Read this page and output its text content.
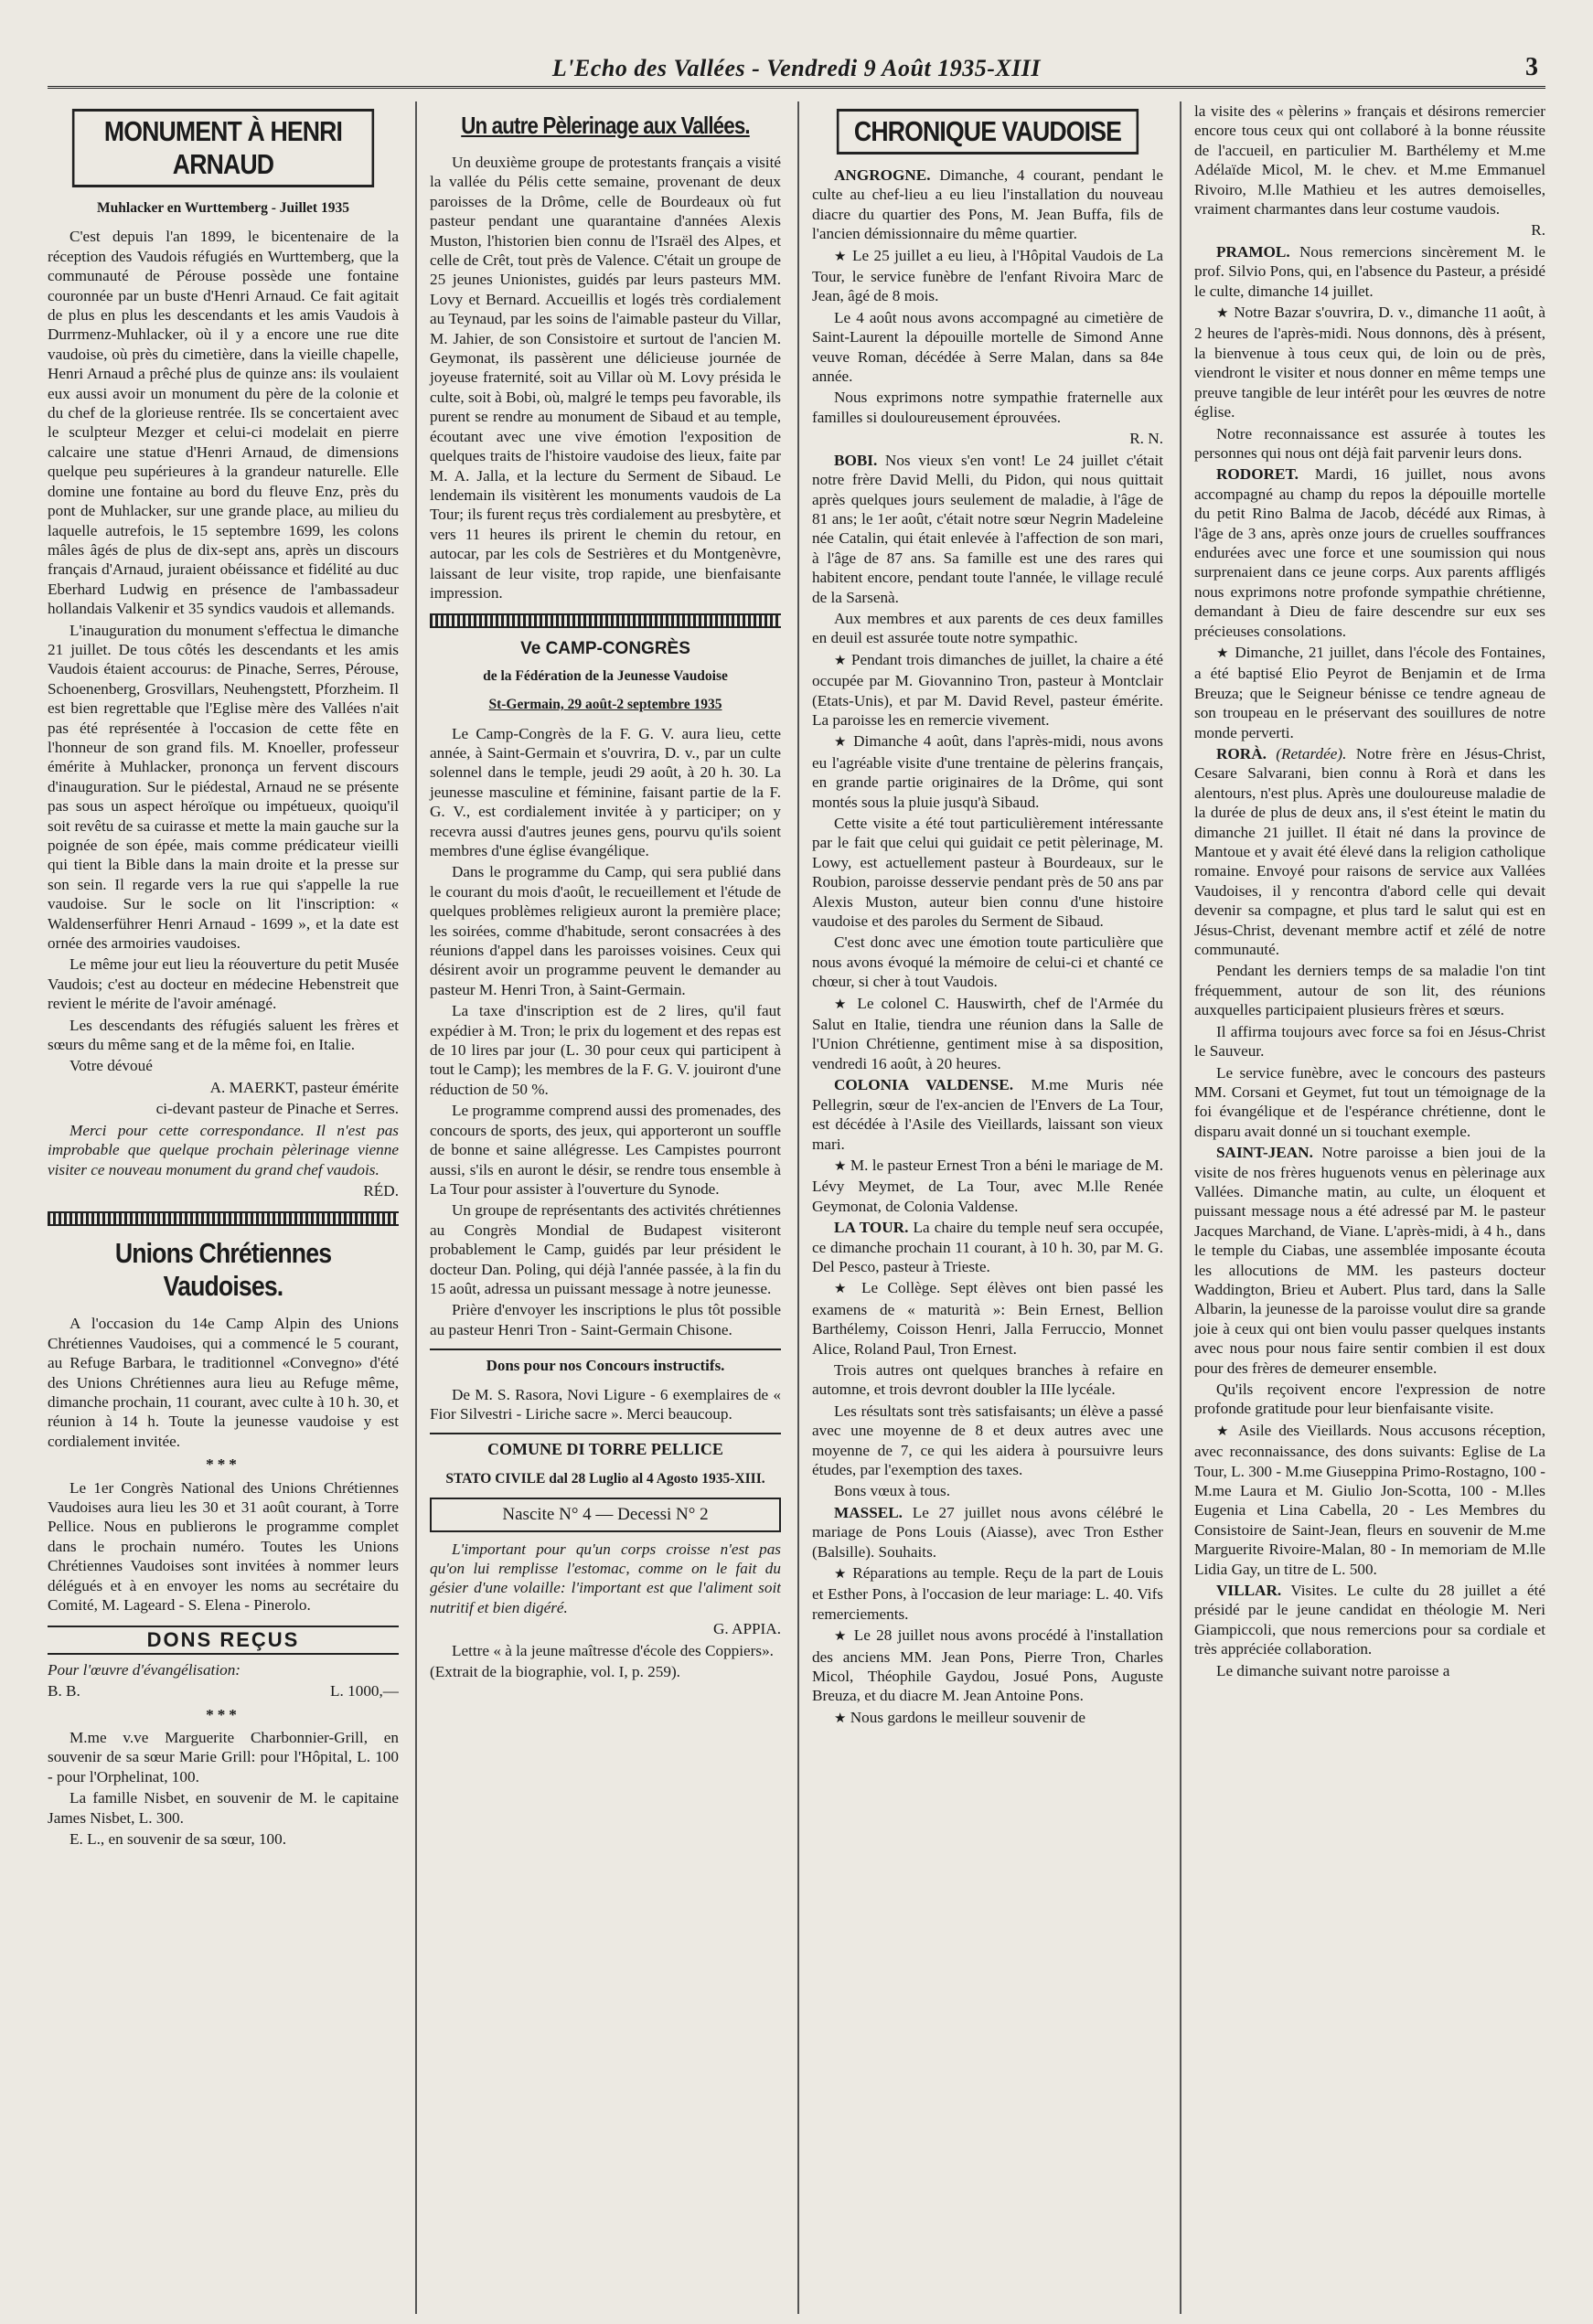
L'Echo des Vallées - Vendredi 9 Août 1935-XIII	3
MONUMENT À HENRI ARNAUD
Muhlacker en Wurttemberg - Juillet 1935

C'est depuis l'an 1899, le bicentenaire de la réception des Vaudois réfugiés en Wurttemberg, que la communauté de Pérouse possède une fontaine couronnée par un buste d'Henri Arnaud. Ce fait agitait de plus en plus les descendants et les amis Vaudois à Durrmenz-Muhlacker, où il y a encore une rue dite vaudoise, où près du cimetière, dans la vieille chapelle, Henri Arnaud a prêché plus de quinze ans: ils voulaient eux aussi avoir un monument du père de la colonie et du chef de la glorieuse rentrée. Ils se concertaient avec le sculpteur Mezger et celui-ci modelait en pierre calcaire une statue d'Henri Arnaud, de dimensions quelque peu supérieures à la grandeur naturelle. Elle domine une fontaine au bord du fleuve Enz, près du pont de Muhlacker, sur une grande place, au milieu du laquelle autrefois, le 15 septembre 1699, les colons mâles âgés de plus de dix-sept ans, après un discours français d'Arnaud, juraient obéissance et fidélité au duc Eberhard Ludwig en présence de l'ambassadeur hollandais Valkenir et 35 syndics vaudois et allemands.

L'inauguration du monument s'effectua le dimanche 21 juillet. De tous côtés les descendants et les amis Vaudois étaient accourus: de Pinache, Serres, Pérouse, Schoenenberg, Grosvillars, Neuhengstett, Pforzheim. Il est bien regrettable que l'Eglise mère des Vallées n'ait pas été représentée à l'occasion de cette fête en l'honneur de son grand fils. M. Knoeller, professeur émérite à Muhlacker, prononça un fervent discours d'inauguration. Sur le piédestal, Arnaud ne se présente pas sous un aspect héroïque ou impétueux, quoiqu'il soit revêtu de sa cuirasse et mette la main gauche sur la poignée de son épée, mais comme prédicateur vieilli qui tient la Bible dans la main droite et la presse sur son sein. Il regarde vers la rue qui s'appelle la rue vaudoise. Sur le socle on lit l'inscription: « Waldenserführer Henri Arnaud - 1699 », et la date est ornée des armoiries vaudoises.

Le même jour eut lieu la réouverture du petit Musée Vaudois; c'est au docteur en médecine Hebenstreit que revient le mérite de l'avoir aménagé.

Les descendants des réfugiés saluent les frères et sœurs du même sang et de la même foi, en Italie.

Votre dévoué

A. MAERKT, pasteur émérite

ci-devant pasteur de Pinache et Serres.

Merci pour cette correspondance. Il n'est pas improbable que quelque prochain pèlerinage vienne visiter ce nouveau monument du grand chef vaudois.

RÉD.

Unions Chrétiennes Vaudoises.

A l'occasion du 14e Camp Alpin des Unions Chrétiennes Vaudoises, qui a commencé le 5 courant, au Refuge Barbara, le traditionnel «Convegno» d'été des Unions Chrétiennes aura lieu au Refuge même, dimanche prochain, 11 courant, avec culte à 10 h. 30, et réunion à 14 h. Toute la jeunesse vaudoise y est cordialement invitée.

***

Le 1er Congrès National des Unions Chrétiennes Vaudoises aura lieu les 30 et 31 août courant, à Torre Pellice. Nous en publierons le programme complet dans le prochain numéro. Toutes les Unions Chrétiennes Vaudoises sont invitées à nommer leurs délégués et à en envoyer les noms au secrétaire du Comité, M. Lageard - S. Elena - Pinerolo.

DONS REÇUS

Pour l'œuvre d'évangélisation:

B. B.	L. 1000,—

***

M.me v.ve Marguerite Charbonnier-Grill, en souvenir de sa sœur Marie Grill: pour l'Hôpital, L. 100 - pour l'Orphelinat, 100.

La famille Nisbet, en souvenir de M. le capitaine James Nisbet, L. 300.

E. L., en souvenir de sa sœur, 100.

Un autre Pèlerinage aux Vallées.

Un deuxième groupe de protestants français a visité la vallée du Pélis cette semaine, provenant de deux paroisses de la Drôme, celle de Bourdeaux où fut pasteur pendant une quarantaine d'années Alexis Muston, l'historien bien connu de l'Israël des Alpes, et celle de Crêt, tout près de Valence. C'était un groupe de 25 jeunes Unionistes, guidés par leurs pasteurs MM. Lovy et Bernard. Accueillis et logés très cordialement au Teynaud, par les soins de l'aimable pasteur du Villar, M. Jahier, de son Consistoire et surtout de l'ancien M. Geymonat, ils passèrent une délicieuse journée de joyeuse fraternité, soit au Villar où M. Lovy présida le culte, soit à Bobi, où, malgré le temps peu favorable, ils purent se rendre au monument de Sibaud et au temple, écoutant avec une vive émotion l'exposition de quelques traits de l'histoire vaudoise des lieux, faite par M. A. Jalla, et la lecture du Serment de Sibaud. Le lendemain ils visitèrent les monuments vaudois de La Tour; ils furent reçus très cordialement au presbytère, et vers 11 heures ils prirent le chemin du retour, en autocar, par les cols de Sestrières et du Montgenèvre, laissant de leur visite, trop rapide, une bienfaisante impression.

Ve CAMP-CONGRÈS
de la Fédération de la Jeunesse Vaudoise
St-Germain, 29 août-2 septembre 1935

Le Camp-Congrès de la F. G. V. aura lieu, cette année, à Saint-Germain et s'ouvrira, D. v., par un culte solennel dans le temple, jeudi 29 août, à 20 h. 30. La jeunesse masculine et féminine, faisant partie de la F. G. V., est cordialement invitée à y participer; on y recevra aussi d'autres jeunes gens, pourvu qu'ils soient membres d'une église évangélique.

Dans le programme du Camp, qui sera publié dans le courant du mois d'août, le recueillement et l'étude de quelques problèmes religieux auront la première place; les soirées, comme d'habitude, seront consacrées à des réunions d'appel dans les paroisses voisines. Ceux qui désirent avoir un programme peuvent le demander au pasteur M. Henri Tron, à Saint-Germain.

La taxe d'inscription est de 2 lires, qu'il faut expédier à M. Tron; le prix du logement et des repas est de 10 lires par jour (L. 30 pour ceux qui participent à tout le Camp); les membres de la F. G. V. jouiront d'une réduction de 50 %.

Le programme comprend aussi des promenades, des concours de sports, des jeux, qui apporteront un souffle de bonne et saine allégresse. Les Campistes pourront aussi, s'ils en auront le désir, se rendre tous ensemble à La Tour pour assister à l'ouverture du Synode.

Un groupe de représentants des activités chrétiennes au Congrès Mondial de Budapest visiteront probablement le Camp, guidés par leur président le docteur Dan. Poling, qui déjà l'année passée, à la fin du 15 août, adressa un puissant message à notre jeunesse.

Prière d'envoyer les inscriptions le plus tôt possible au pasteur Henri Tron - Saint-Germain Chisone.

Dons pour nos Concours instructifs.

De M. S. Rasora, Novi Ligure - 6 exemplaires de « Fior Silvestri - Liriche sacre ». Merci beaucoup.

COMUNE DI TORRE PELLICE
STATO CIVILE dal 28 Luglio al 4 Agosto 1935-XIII.
Nascite N° 4 — Decessi N° 2

L'important pour qu'un corps croisse n'est pas qu'on lui remplisse l'estomac, comme on le fait du gésier d'une volaille: l'important est que l'aliment soit nutritif et bien digéré.

G. APPIA.

Lettre « à la jeune maîtresse d'école des Coppiers».

(Extrait de la biographie, vol. I, p. 259).

CHRONIQUE VAUDOISE

ANGROGNE. Dimanche, 4 courant, pendant le culte au chef-lieu a eu lieu l'installation du nouveau diacre du quartier des Pons, M. Jean Buffa, fils de l'ancien démissionnaire du même quartier.

★ Le 25 juillet a eu lieu, à l'Hôpital Vaudois de La Tour, le service funèbre de l'enfant Rivoira Marc de Jean, âgé de 8 mois.

Le 4 août nous avons accompagné au cimetière de Saint-Laurent la dépouille mortelle de Simond Anne veuve Roman, décédée à Serre Malan, dans sa 84e année.

Nous exprimons notre sympathie fraternelle aux familles si douloureusement éprouvées.

R. N.

BOBI. Nos vieux s'en vont! Le 24 juillet c'était notre frère David Melli, du Pidon, qui nous quittait après quelques jours seulement de maladie, à l'âge de 81 ans; le 1er août, c'était notre sœur Negrin Madeleine née Catalin, qui était enlevée à l'affection de son mari, à l'âge de 87 ans. Sa famille est une des rares qui habitent encore, pendant toute l'année, le village reculé de la Sarsenà.

Aux membres et aux parents de ces deux familles en deuil est assurée toute notre sympathic.

★ Pendant trois dimanches de juillet, la chaire a été occupée par M. Giovannino Tron, pasteur à Montclair (Etats-Unis), et par M. David Revel, pasteur émérite. La paroisse les en remercie vivement.

★ Dimanche 4 août, dans l'après-midi, nous avons eu l'agréable visite d'une trentaine de pèlerins français, en grande partie originaires de la Drôme, qui sont montés sous la pluie jusqu'à Sibaud.

Cette visite a été tout particulièrement intéressante par le fait que celui qui guidait ce petit pèlerinage, M. Lowy, est actuellement pasteur à Bourdeaux, sur le Roubion, paroisse desservie pendant près de 50 ans par Alexis Muston, auteur bien connu d'une histoire vaudoise et des paroles du Serment de Sibaud.

C'est donc avec une émotion toute particulière que nous avons évoqué la mémoire de celui-ci et chanté ce chœur, si cher à tout Vaudois.

★ Le colonel C. Hauswirth, chef de l'Armée du Salut en Italie, tiendra une réunion dans la Salle de l'Union Chrétienne, gentiment mise à sa disposition, vendredi 16 août, à 20 heures.

COLONIA VALDENSE. M.me Muris née Pellegrin, sœur de l'ex-ancien de l'Envers de La Tour, est décédée à l'Asile des Vieillards, laissant son vieux mari.

★ M. le pasteur Ernest Tron a béni le mariage de M. Lévy Meymet, de La Tour, avec M.lle Renée Geymonat, de Colonia Valdense.

LA TOUR. La chaire du temple neuf sera occupée, ce dimanche prochain 11 courant, à 10 h. 30, par M. G. Del Pesco, pasteur à Trieste.

★ Le Collège. Sept élèves ont bien passé les examens de « maturità »: Bein Ernest, Bellion Barthélemy, Coisson Henri, Jalla Ferruccio, Monnet Alice, Roland Paul, Tron Ernest.

Trois autres ont quelques branches à refaire en automne, et trois devront doubler la IIIe lycéale.

Les résultats sont très satisfaisants; un élève a passé avec une moyenne de 8 et deux autres avec une moyenne de 7, ce qui les aidera à poursuivre leurs études, par l'exemption des taxes.

Bons vœux à tous.

MASSEL. Le 27 juillet nous avons célébré le mariage de Pons Louis (Aiasse), avec Tron Esther (Balsille). Souhaits.

★ Réparations au temple. Reçu de la part de Louis et Esther Pons, à l'occasion de leur mariage: L. 40. Vifs remerciements.

★ Le 28 juillet nous avons procédé à l'installation des anciens MM. Jean Pons, Pierre Tron, Charles Micol, Théophile Gaydou, Josué Pons, Auguste Breuza, et du diacre M. Jean Antoine Pons.

★ Nous gardons le meilleur souvenir de

la visite des « pèlerins » français et désirons remercier encore tous ceux qui ont collaboré à la bonne réussite de l'accueil, en particulier M. Barthélemy et M.me Adélaïde Micol, M. le chev. et M.me Emmanuel Rivoiro, M.lle Mathieu et les autres demoiselles, vraiment charmantes dans leur costume vaudois.

R.

PRAMOL. Nous remercions sincèrement M. le prof. Silvio Pons, qui, en l'absence du Pasteur, a présidé le culte, dimanche 14 juillet.

★ Notre Bazar s'ouvrira, D. v., dimanche 11 août, à 2 heures de l'après-midi. Nous donnons, dès à présent, la bienvenue à tous ceux qui, de loin ou de près, viendront le visiter et nous donner en même temps une preuve tangible de leur intérêt pour les œuvres de notre église.

Notre reconnaissance est assurée à toutes les personnes qui nous ont déjà fait parvenir leurs dons.

RODORET. Mardi, 16 juillet, nous avons accompagné au champ du repos la dépouille mortelle du petit Rino Balma de Jacob, décédé aux Rimas, à l'âge de 3 ans, après onze jours de cruelles souffrances endurées avec une force et une soumission qui nous surprenaient dans ce jeune corps. Aux parents affligés nous exprimons notre profonde sympathie chrétienne, demandant à Dieu de faire descendre sur eux ses précieuses consolations.

★ Dimanche, 21 juillet, dans l'école des Fontaines, a été baptisé Elio Peyrot de Benjamin et de Irma Breuza; que le Seigneur bénisse ce tendre agneau de son troupeau en le préservant des souillures de notre monde perverti.

RORÀ. (Retardée). Notre frère en Jésus-Christ, Cesare Salvarani, bien connu à Rorà et dans les alentours, n'est plus. Après une douloureuse maladie de la durée de plus de deux ans, il s'est éteint le matin du dimanche 21 juillet. Il était né dans la province de Mantoue et y avait été élevé dans la religion catholique romaine. Envoyé pour raisons de service aux Vallées Vaudoises, il y rencontra d'abord celle qui devait devenir sa compagne, et plus tard le salut qui est en Jésus-Christ, devenant membre actif et zélé de notre communauté.

Pendant les derniers temps de sa maladie l'on tint fréquemment, autour de son lit, des réunions auxquelles participaient plusieurs frères et sœurs.

Il affirma toujours avec force sa foi en Jésus-Christ le Sauveur.

Le service funèbre, avec le concours des pasteurs MM. Corsani et Geymet, fut tout un témoignage de la foi évangélique et de l'espérance chrétienne, dont le disparu avait donné un si touchant exemple.

SAINT-JEAN. Notre paroisse a bien joui de la visite de nos frères huguenots venus en pèlerinage aux Vallées. Dimanche matin, au culte, un éloquent et puissant message nous a été adressé par M. le pasteur Jacques Marchand, de Viane. L'après-midi, à 4 h., dans le temple du Ciabas, une assemblée imposante écouta les allocutions de MM. les pasteurs docteur Waddington, Brieu et Aubert. Plus tard, dans la Salle Albarin, la jeunesse de la paroisse voulut dire sa grande joie à ceux qui ont bien voulu passer quelques instants avec nous pour nous faire sentir combien il est doux pour des frères de demeurer ensemble.

Qu'ils reçoivent encore l'expression de notre profonde gratitude pour leur bienfaisante visite.

★ Asile des Vieillards. Nous accusons réception, avec reconnaissance, des dons suivants: Eglise de La Tour, L. 300 - M.me Giuseppina Primo-Rostagno, 100 - M.me Laura et M. Giulio Jon-Scotta, 100 - M.lles Eugenia et Lina Cabella, 20 - Les Membres du Consistoire de Saint-Jean, fleurs en souvenir de M.me Marguerite Rivoire-Malan, 80 - In memoriam de M.lle Lidia Gay, un titre de L. 500.

VILLAR. Visites. Le culte du 28 juillet a été présidé par le jeune candidat en théologie M. Neri Giampiccoli, que nous remercions pour sa cordiale et très appréciée collaboration.

Le dimanche suivant notre paroisse a
